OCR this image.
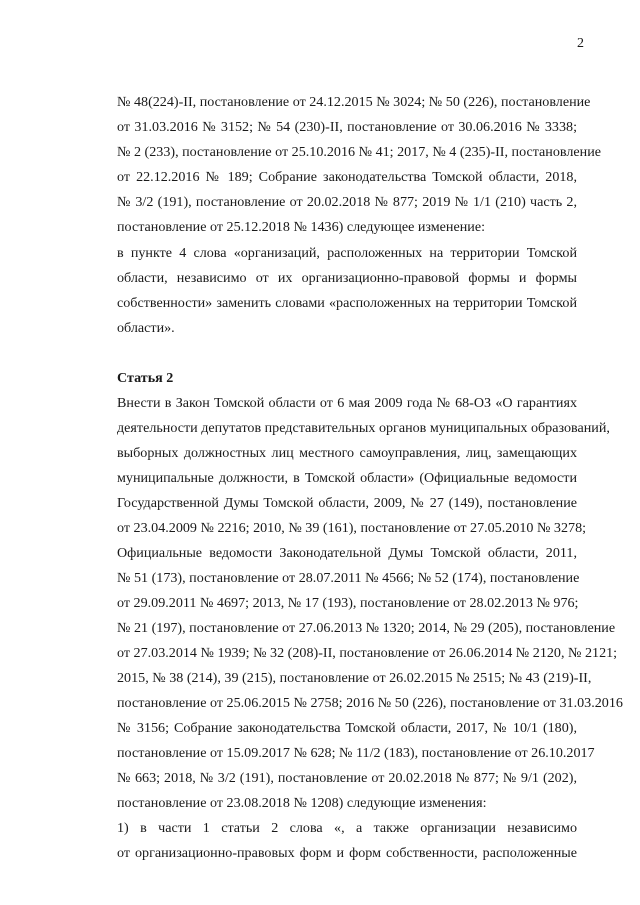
2
№ 48(224)-II, постановление от 24.12.2015 № 3024; № 50 (226), постановление
от 31.03.2016 № 3152; № 54 (230)-II, постановление от 30.06.2016 № 3338;
№ 2 (233), постановление от 25.10.2016 № 41; 2017, № 4 (235)-II, постановление
от 22.12.2016 № 189; Собрание законодательства Томской области, 2018,
№ 3/2 (191), постановление от 20.02.2018 № 877; 2019 № 1/1 (210) часть 2,
постановление от 25.12.2018 № 1436) следующее изменение:
в пункте 4 слова «организаций, расположенных на территории Томской
области, независимо от их организационно-правовой формы и формы
собственности» заменить словами «расположенных на территории Томской
области».
Статья 2
Внести в Закон Томской области от 6 мая 2009 года № 68-ОЗ «О гарантиях
деятельности депутатов представительных органов муниципальных образований,
выборных должностных лиц местного самоуправления, лиц, замещающих
муниципальные должности, в Томской области» (Официальные ведомости
Государственной Думы Томской области, 2009, № 27 (149), постановление
от 23.04.2009 № 2216; 2010, № 39 (161), постановление от 27.05.2010 № 3278;
Официальные ведомости Законодательной Думы Томской области, 2011,
№ 51 (173), постановление от 28.07.2011 № 4566; № 52 (174), постановление
от 29.09.2011 № 4697; 2013, № 17 (193), постановление от 28.02.2013 № 976;
№ 21 (197), постановление от 27.06.2013 № 1320; 2014, № 29 (205), постановление
от 27.03.2014 № 1939; № 32 (208)-II, постановление от 26.06.2014 № 2120, № 2121;
2015, № 38 (214), 39 (215), постановление от 26.02.2015 № 2515; № 43 (219)-II,
постановление от 25.06.2015 № 2758; 2016 № 50 (226), постановление от 31.03.2016
№ 3156; Собрание законодательства Томской области, 2017, № 10/1 (180),
постановление от 15.09.2017 № 628; № 11/2 (183), постановление от 26.10.2017
№ 663; 2018, № 3/2 (191), постановление от 20.02.2018 № 877; № 9/1 (202),
постановление от 23.08.2018 № 1208) следующие изменения:
1) в части 1 статьи 2 слова «, а также организации независимо
от организационно-правовых форм и форм собственности, расположенные
